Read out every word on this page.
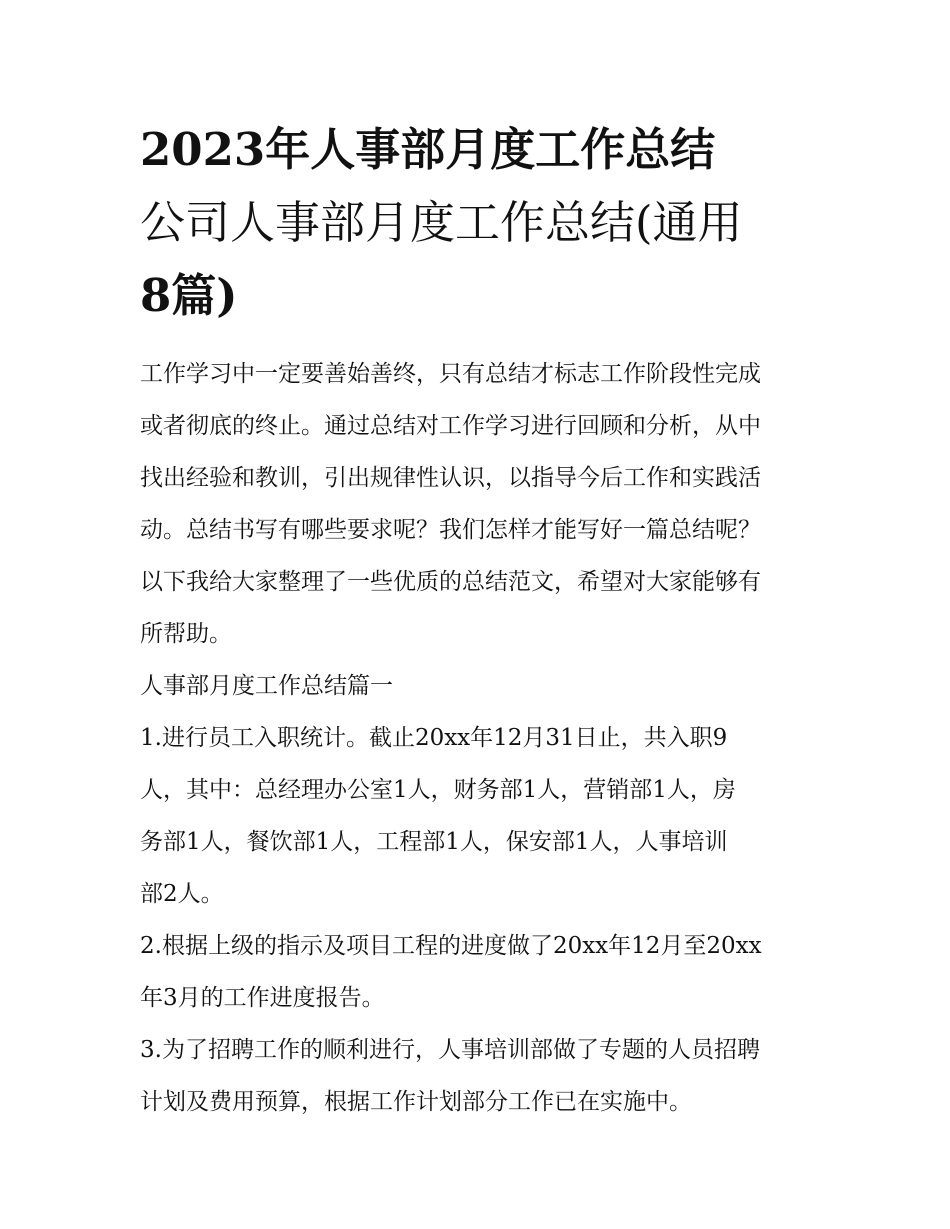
2023年人事部月度工作总结

公司人事部月度工作总结(通用

8篇)

工作学习中一定要善始善终，只有总结才标志工作阶段性完成

或者彻底的终止。通过总结对工作学习进行回顾和分析，从中

找出经验和教训，引出规律性认识，以指导今后工作和实践活

动。总结书写有哪些要求呢？我们怎样才能写好一篇总结呢？

以下我给大家整理了一些优质的总结范文，希望对大家能够有

所帮助。

人事部月度工作总结篇一

1.进行员工入职统计。截止20xx年12月31日止，共入职9

人，其中：总经理办公室1人，财务部1人，营销部1人，房

务部1人，餐饮部1人，工程部1人，保安部1人，人事培训

部2人。

2.根据上级的指示及项目工程的进度做了20xx年12月至20xx

年3月的工作进度报告。

3.为了招聘工作的顺利进行，人事培训部做了专题的人员招聘

计划及费用预算，根据工作计划部分工作已在实施中。
